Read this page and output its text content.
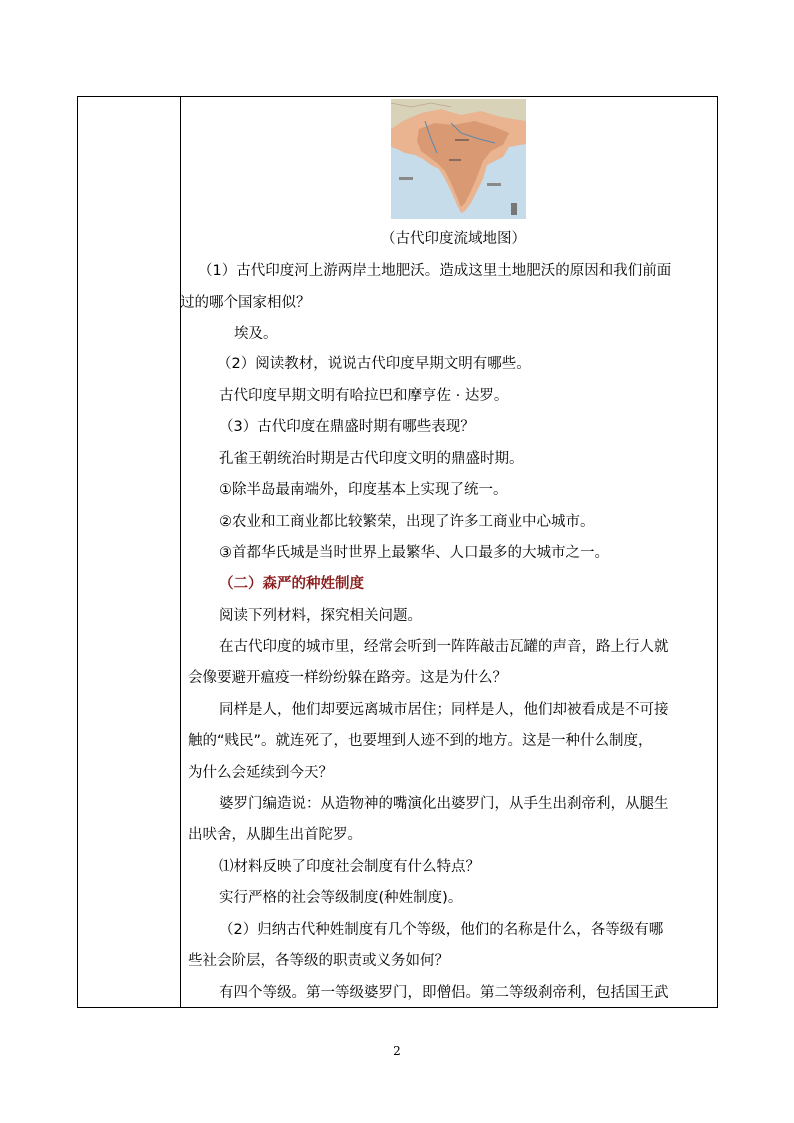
（古代印度流域地图）
（1）古代印度河上游两岸土地肥沃。造成这里土地肥沃的原因和我们前面
过的哪个国家相似？
埃及。
（2）阅读教材，说说古代印度早期文明有哪些。
古代印度早期文明有哈拉巴和摩亨佐 · 达罗。
（3）古代印度在鼎盛时期有哪些表现？
孔雀王朝统治时期是古代印度文明的鼎盛时期。
①除半岛最南端外，印度基本上实现了统一。
②农业和工商业都比较繁荣，出现了许多工商业中心城市。
③首都华氏城是当时世界上最繁华、人口最多的大城市之一。
（二）森严的种姓制度
阅读下列材料，探究相关问题。
在古代印度的城市里，经常会听到一阵阵敲击瓦罐的声音，路上行人就
会像要避开瘟疫一样纷纷躲在路旁。这是为什么？
同样是人，他们却要远离城市居住；同样是人，他们却被看成是不可接
触的“贱民”。就连死了，也要埋到人迹不到的地方。这是一种什么制度，
为什么会延续到今天？
婆罗门编造说：从造物神的嘴演化出婆罗门，从手生出刹帝利，从腿生
出吠舍，从脚生出首陀罗。
⑴材料反映了印度社会制度有什么特点？
实行严格的社会等级制度(种姓制度)。
（2）归纳古代种姓制度有几个等级，他们的名称是什么，各等级有哪
些社会阶层，各等级的职责或义务如何？
有四个等级。第一等级婆罗门，即僧侣。第二等级刹帝利，包括国王武
2
